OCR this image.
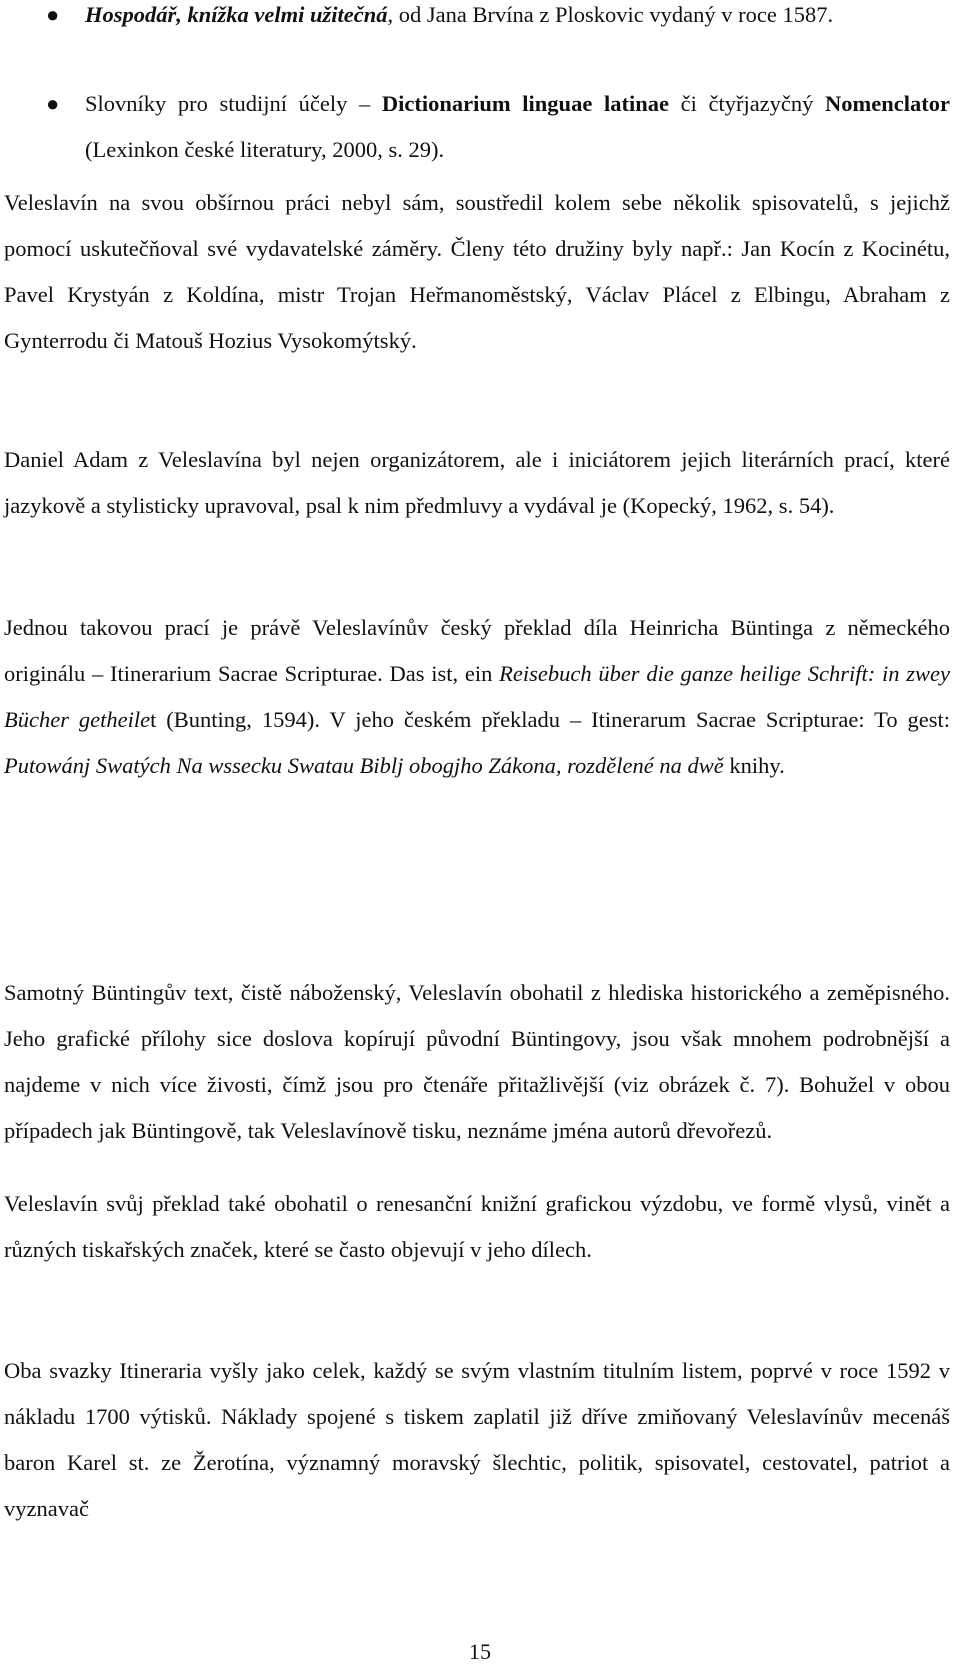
● Hospodář, knížka velmi užitečná, od Jana Brvína z Ploskovic vydaný v roce 1587.
● Slovníky pro studijní účely – Dictionarium linguae latinae či čtyřjazyčný Nomenclator (Lexinkon české literatury, 2000, s. 29).

Veleslavín na svou obšírnou práci nebyl sám, soustředil kolem sebe několik spisovatelů, s jejichž pomocí uskutečňoval své vydavatelské záměry. Členy této družiny byly např.: Jan Kocín z Kocinétu, Pavel Krystyán z Koldína, mistr Trojan Heřmanoměstský, Václav Plácel z Elbingu, Abraham z Gynterrodu či Matouš Hozius Vysokomýtský.

Daniel Adam z Veleslavína byl nejen organizátorem, ale i iniciátorem jejich literárních prací, které jazykově a stylisticky upravoval, psal k nim předmluvy a vydával je (Kopecký, 1962, s. 54).

Jednou takovou prací je právě Veleslavínův český překlad díla Heinricha Büntinga z německého originálu – Itinerarium Sacrae Scripturae. Das ist, ein Reisebuch über die ganze heilige Schrift: in zwey Bücher getheilet (Bunting, 1594). V jeho českém překladu – Itinerarum Sacrae Scripturae: To gest: Putowánj Swatých Na wssecku Swatau Biblj obogjho Zákona, rozdělené na dwě knihy.

Samotný Büntingův text, čistě náboženský, Veleslavín obohatil z hlediska historického a zeměpisného. Jeho grafické přílohy sice doslova kopírují původní Büntingovy, jsou však mnohem podrobnější a najdeme v nich více živosti, čímž jsou pro čtenáře přitažlivější (viz obrázek č. 7). Bohužel v obou případech jak Büntingově, tak Veleslavínově tisku, neznáme jména autorů dřevořezů.

Veleslavín svůj překlad také obohatil o renesanční knižní grafickou výzdobu, ve formě vlysů, vinět a různých tiskařských značek, které se často objevují v jeho dílech.

Oba svazky Itineraria vyšly jako celek, každý se svým vlastním titulním listem, poprvé v roce 1592 v nákladu 1700 výtisků. Náklady spojené s tiskem zaplatil již dříve zmiňovaný Veleslavínův mecenáš baron Karel st. ze Žerotína, významný moravský šlechtic, politik, spisovatel, cestovatel, patriot a vyznavač

15
